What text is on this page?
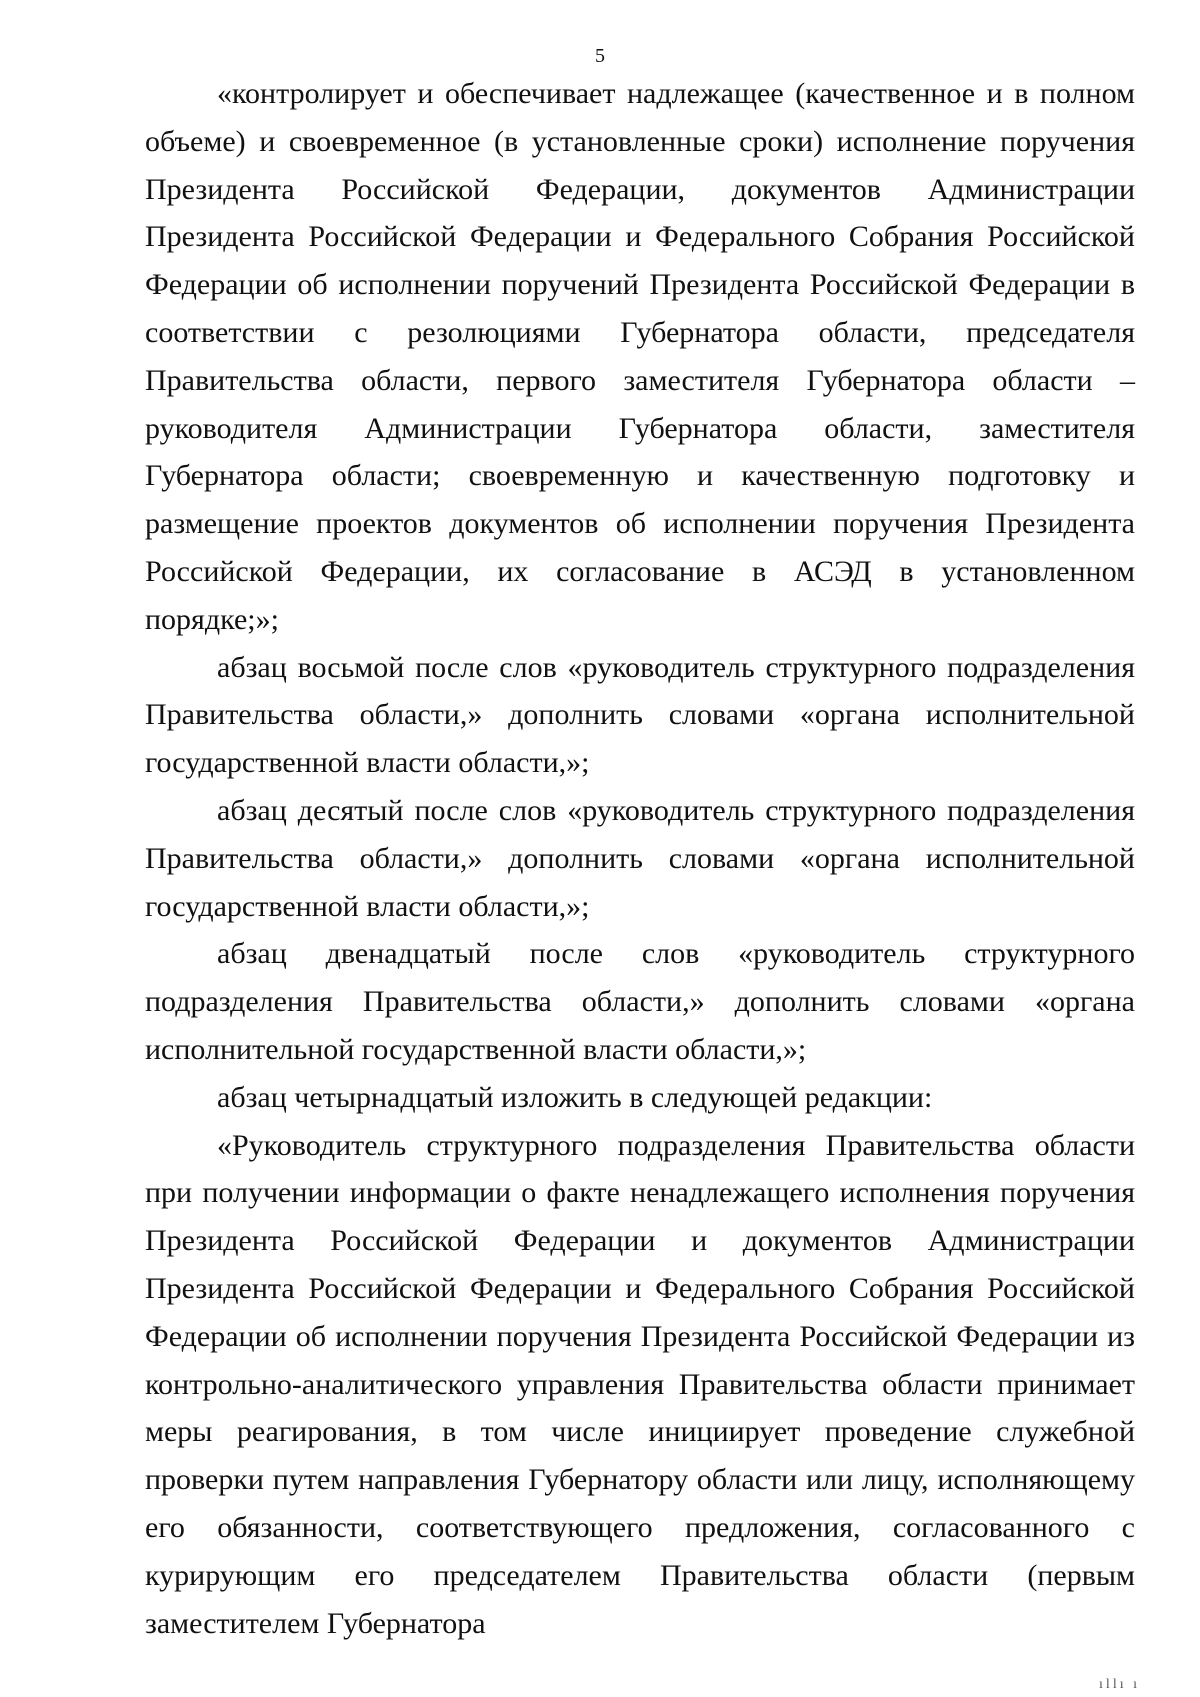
5

«контролирует и обеспечивает надлежащее (качественное и в полном объеме) и своевременное (в установленные сроки) исполнение поручения Президента Российской Федерации, документов Администрации Президента Российской Федерации и Федерального Собрания Российской Федерации об исполнении поручений Президента Российской Федерации в соответствии с резолюциями Губернатора области, председателя Правительства области, первого заместителя Губернатора области – руководителя Администрации Губернатора области, заместителя Губернатора области; своевременную и качественную подготовку и размещение проектов документов об исполнении поручения Президента Российской Федерации, их согласование в АСЭД в установленном порядке;»;

абзац восьмой после слов «руководитель структурного подразделения Правительства области,» дополнить словами «органа исполнительной государственной власти области,»;

абзац десятый после слов «руководитель структурного подразделения Правительства области,» дополнить словами «органа исполнительной государственной власти области,»;

абзац двенадцатый после слов «руководитель структурного подразделения Правительства области,» дополнить словами «органа исполнительной государственной власти области,»;

абзац четырнадцатый изложить в следующей редакции:

«Руководитель структурного подразделения Правительства области при получении информации о факте ненадлежащего исполнения поручения Президента Российской Федерации и документов Администрации Президента Российской Федерации и Федерального Собрания Российской Федерации об исполнении поручения Президента Российской Федерации из контрольно-аналитического управления Правительства области принимает меры реагирования, в том числе инициирует проведение служебной проверки путем направления Губернатору области или лицу, исполняющему его обязанности, соответствующего предложения, согласованного с курирующим его председателем Правительства области (первым заместителем Губернатора

ıllı ı
